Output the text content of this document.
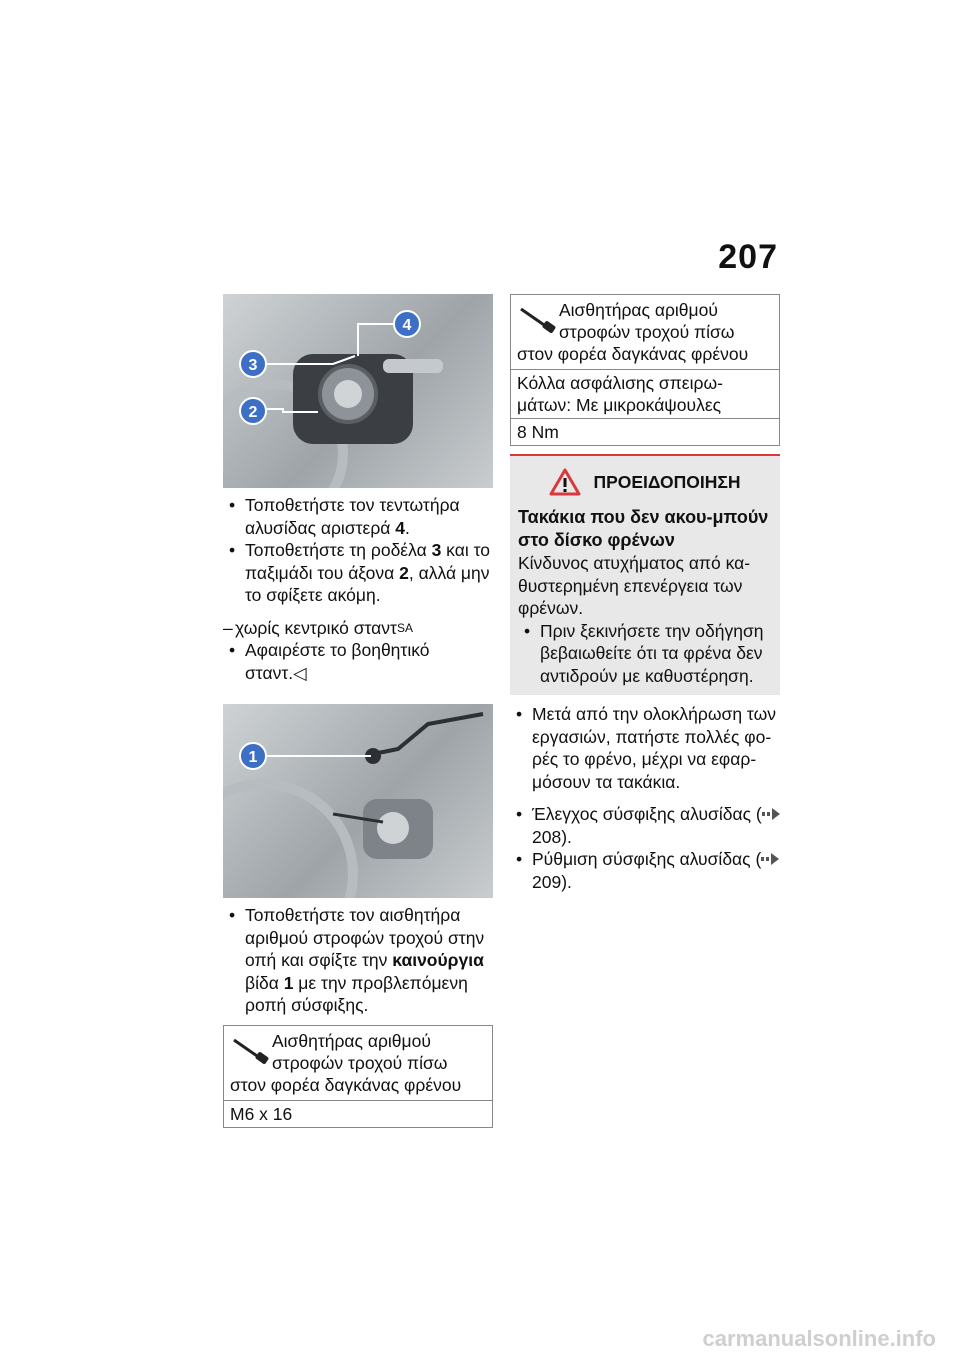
207
4
3
2
• Τοποθετήστε τον τεντωτήρα αλυσίδας αριστερά 4.
• Τοποθετήστε τη ροδέλα 3 και το παξιμάδι του άξονα 2, αλλά μην το σφίξετε ακόμη.
– χωρίς κεντρικό σταντ$^{SA}$
• Αφαιρέστε το βοηθητικό σταντ.◁
1
• Τοποθετήστε τον αισθητήρα αριθμού στροφών τροχού στην οπή και σφίξτε την καινούργια βίδα 1 με την προβλεπόμενη ροπή σύσφιξης.
Αισθητήρας αριθμού
στροφών τροχού πίσω
στον φορέα δαγκάνας φρένου
M6 x 16
Αισθητήρας αριθμού
στροφών τροχού πίσω
στον φορέα δαγκάνας φρένου
Κόλλα ασφάλισης σπειρω-μάτων: Με μικροκάψουλες
8 Nm
ΠΡΟΕΙΔΟΠΟΙΗΣΗ
Τακάκια που δεν ακου-μπούν στο δίσκο φρένων
Κίνδυνος ατυχήματος από κα-θυστερημένη επενέργεια των φρένων.
• Πριν ξεκινήσετε την οδήγηση βεβαιωθείτε ότι τα φρένα δεν αντιδρούν με καθυστέρηση.
• Μετά από την ολοκλήρωση των εργασιών, πατήστε πολλές φο-ρές το φρένο, μέχρι να εφαρ-μόσουν τα τακάκια.
• Έλεγχος σύσφιξης αλυσίδας (208).
• Ρύθμιση σύσφιξης αλυσίδας (209).
carmanualsonline.info
